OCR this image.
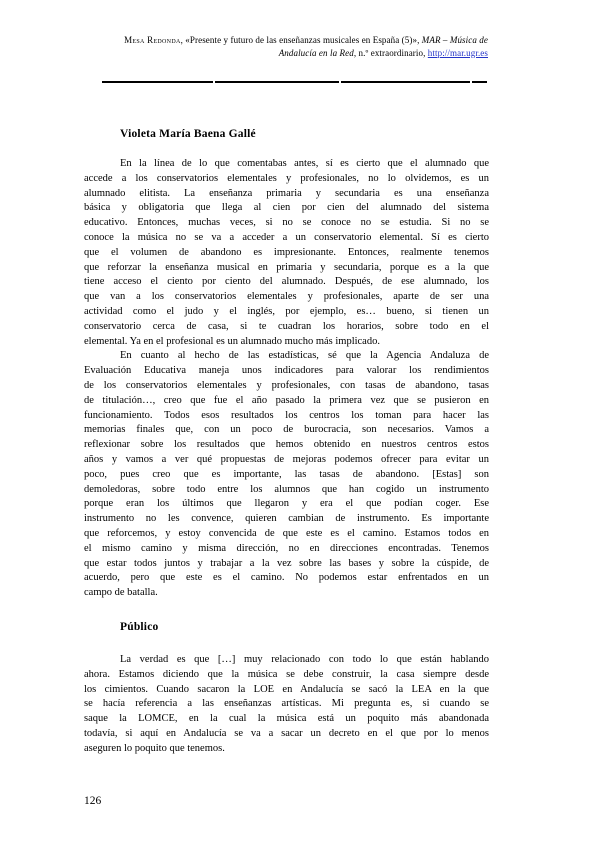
Mesa Redonda, «Presente y futuro de las enseñanzas musicales en España (5)», MAR – Música de
Andalucía en la Red, n.º extraordinario, http://mar.ugr.es
Violeta María Baena Gallé
En la línea de lo que comentabas antes, sí es cierto que el alumnado que
accede a los conservatorios elementales y profesionales, no lo olvidemos, es un
alumnado elitista. La enseñanza primaria y secundaria es una enseñanza
básica y obligatoria que llega al cien por cien del alumnado del sistema
educativo. Entonces, muchas veces, si no se conoce no se estudia. Si no se
conoce la música no se va a acceder a un conservatorio elemental. Sí es cierto
que el volumen de abandono es impresionante. Entonces, realmente tenemos
que reforzar la enseñanza musical en primaria y secundaria, porque es a la que
tiene acceso el ciento por ciento del alumnado. Después, de ese alumnado, los
que van a los conservatorios elementales y profesionales, aparte de ser una
actividad como el judo y el inglés, por ejemplo, es… bueno, si tienen un
conservatorio cerca de casa, si te cuadran los horarios, sobre todo en el
elemental. Ya en el profesional es un alumnado mucho más implicado.
En cuanto al hecho de las estadísticas, sé que la Agencia Andaluza de
Evaluación Educativa maneja unos indicadores para valorar los rendimientos
de los conservatorios elementales y profesionales, con tasas de abandono, tasas
de titulación…, creo que fue el año pasado la primera vez que se pusieron en
funcionamiento. Todos esos resultados los centros los toman para hacer las
memorias finales que, con un poco de burocracia, son necesarios. Vamos a
reflexionar sobre los resultados que hemos obtenido en nuestros centros estos
años y vamos a ver qué propuestas de mejoras podemos ofrecer para evitar un
poco, pues creo que es importante, las tasas de abandono. [Estas] son
demoledoras, sobre todo entre los alumnos que han cogido un instrumento
porque eran los últimos que llegaron y era el que podían coger. Ese
instrumento no les convence, quieren cambian de instrumento. Es importante
que reforcemos, y estoy convencida de que este es el camino. Estamos todos en
el mismo camino y misma dirección, no en direcciones encontradas. Tenemos
que estar todos juntos y trabajar a la vez sobre las bases y sobre la cúspide, de
acuerdo, pero que este es el camino. No podemos estar enfrentados en un
campo de batalla.
Público
La verdad es que […] muy relacionado con todo lo que están hablando
ahora. Estamos diciendo que la música se debe construir, la casa siempre desde
los cimientos. Cuando sacaron la LOE en Andalucía se sacó la LEA en la que
se hacía referencia a las enseñanzas artísticas. Mi pregunta es, si cuando se
saque la LOMCE, en la cual la música está un poquito más abandonada
todavía, si aquí en Andalucía se va a sacar un decreto en el que por lo menos
aseguren lo poquito que tenemos.
126
